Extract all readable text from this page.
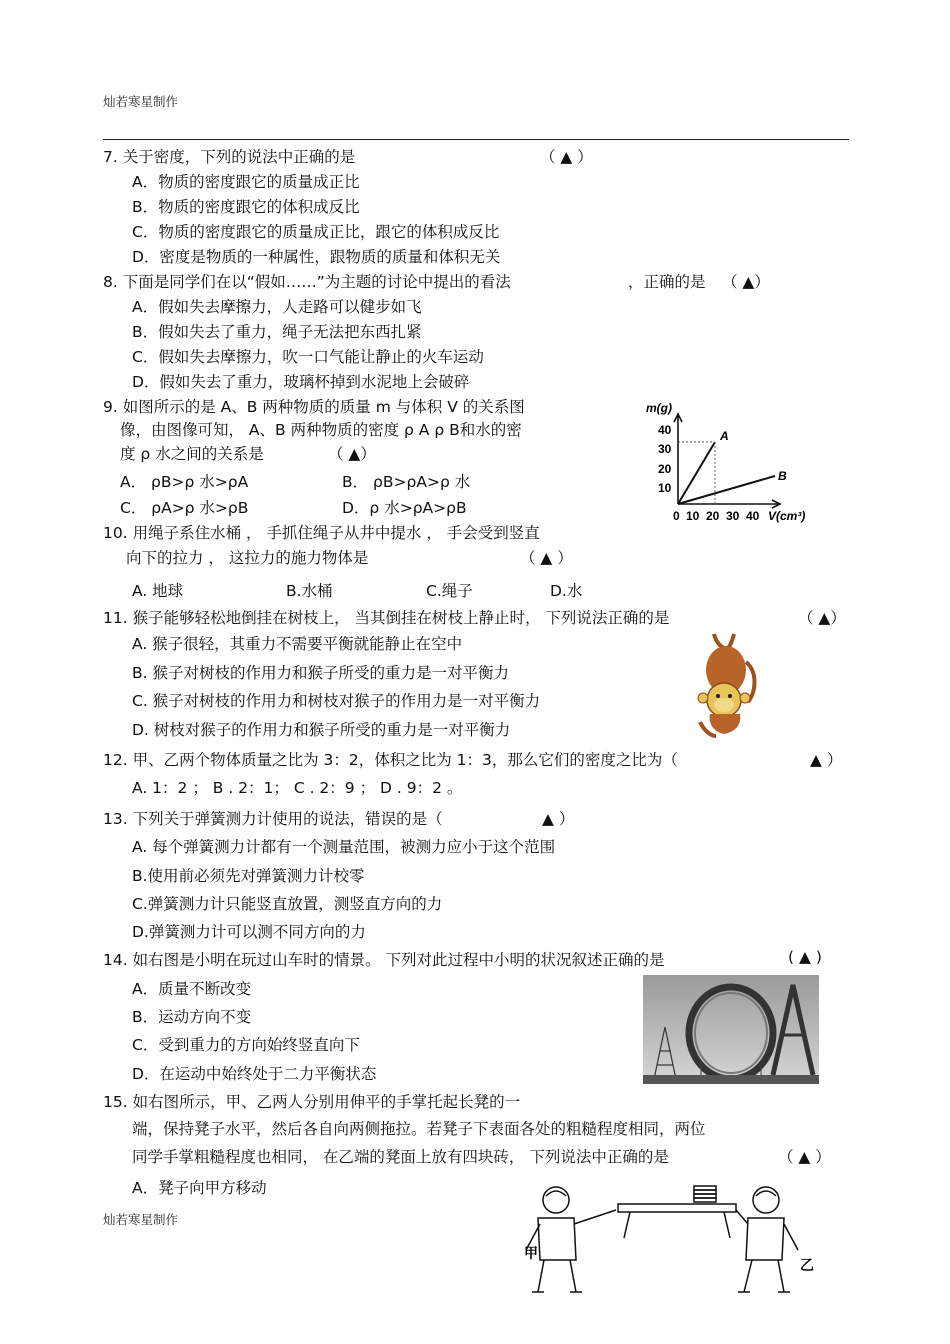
灿若寒星制作
7. 关于密度，下列的说法中正确的是	（ ▲ ）
A．物质的密度跟它的质量成正比
B．物质的密度跟它的体积成反比
C．物质的密度跟它的质量成正比，跟它的体积成反比
D．密度是物质的一种属性，跟物质的质量和体积无关
8. 下面是同学们在以“假如……”为主题的讨论中提出的看法	，正确的是 （ ▲）
A．假如失去摩擦力，人走路可以健步如飞
B．假如失去了重力，绳子无法把东西扎紧
C．假如失去摩擦力，吹一口气能让静止的火车运动
D．假如失去了重力，玻璃杯掉到水泥地上会破碎
9. 如图所示的是 A、B 两种物质的质量 m 与体积 V 的关系图
像，由图像可知， A、B 两种物质的密度 ρ A ρ B和水的密
度 ρ 水之间的关系是	（ ▲）
A． ρB>ρ 水>ρA	B． ρB>ρA>ρ 水
C． ρA>ρ 水>ρB	D．ρ 水>ρA>ρB
m(g)
40
30
20
10
0 10 20 30 40 V(cm³)
A
B
10. 用绳子系住水桶 ， 手抓住绳子从井中提水 ， 手会受到竖直
向下的拉力 ， 这拉力的施力物体是	（ ▲ ）
A. 地球	B.水桶	C.绳子	D.水
11. 猴子能够轻松地倒挂在树枝上， 当其倒挂在树枝上静止时， 下列说法正确的是	（ ▲）
A. 猴子很轻，其重力不需要平衡就能静止在空中
B. 猴子对树枝的作用力和猴子所受的重力是一对平衡力
C. 猴子对树枝的作用力和树枝对猴子的作用力是一对平衡力
D. 树枝对猴子的作用力和猴子所受的重力是一对平衡力
12. 甲、乙两个物体质量之比为 3：2，体积之比为 1：3，那么它们的密度之比为（	▲ ）
A. 1：2 ； B . 2：1； C . 2：9 ； D . 9：2 。
13. 下列关于弹簧测力计使用的说法，错误的是（	▲ ）
A. 每个弹簧测力计都有一个测量范围，被测力应小于这个范围
B.使用前必须先对弹簧测力计校零
C.弹簧测力计只能竖直放置，测竖直方向的力
D.弹簧测力计可以测不同方向的力
14. 如右图是小明在玩过山车时的情景。 下列对此过程中小明的状况叙述正确的是	( ▲ )
A．质量不断改变
B．运动方向不变
C．受到重力的方向始终竖直向下
D．在运动中始终处于二力平衡状态
15. 如右图所示，甲、乙两人分别用伸平的手掌托起长凳的一
端，保持凳子水平，然后各自向两侧拖拉。若凳子下表面各处的粗糙程度相同，两位
同学手掌粗糙程度也相同， 在乙端的凳面上放有四块砖， 下列说法中正确的是	（ ▲ ）
A．凳子向甲方移动
灿若寒星制作
甲
乙
